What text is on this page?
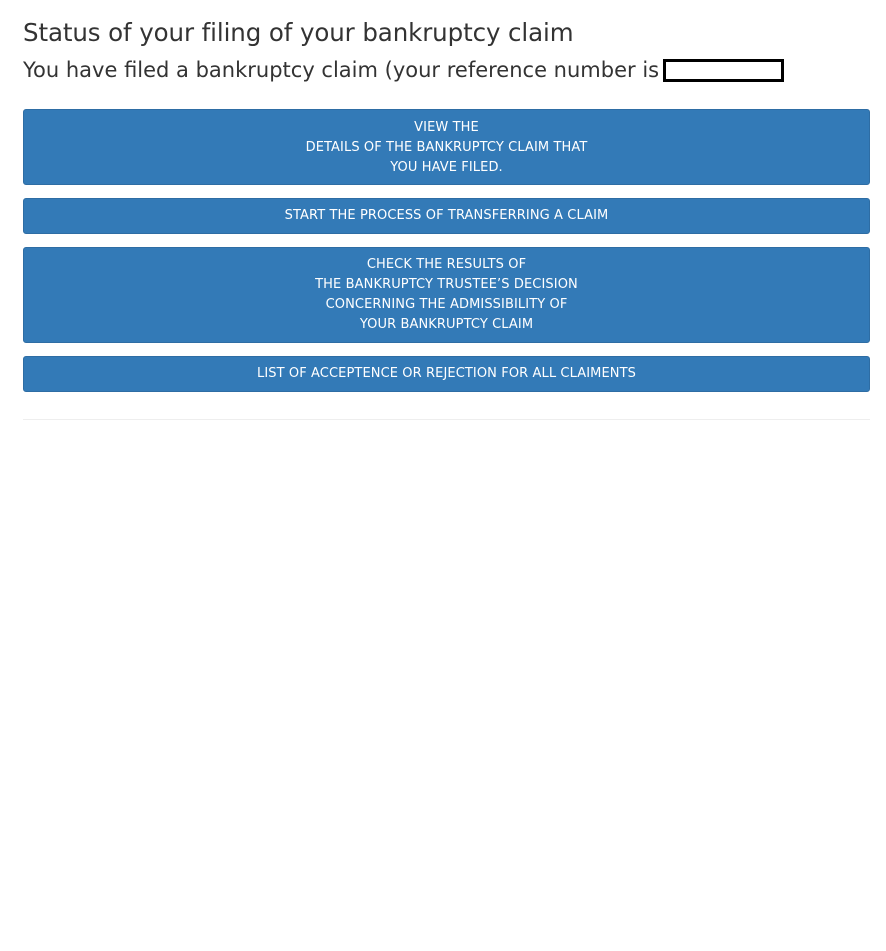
Status of your filing of your bankruptcy claim
You have filed a bankruptcy claim (your reference number is
VIEW THE
DETAILS OF THE BANKRUPTCY CLAIM THAT
YOU HAVE FILED.
START THE PROCESS OF TRANSFERRING A CLAIM
CHECK THE RESULTS OF
THE BANKRUPTCY TRUSTEE’S DECISION
CONCERNING THE ADMISSIBILITY OF
YOUR BANKRUPTCY CLAIM
LIST OF ACCEPTENCE OR REJECTION FOR ALL CLAIMENTS
